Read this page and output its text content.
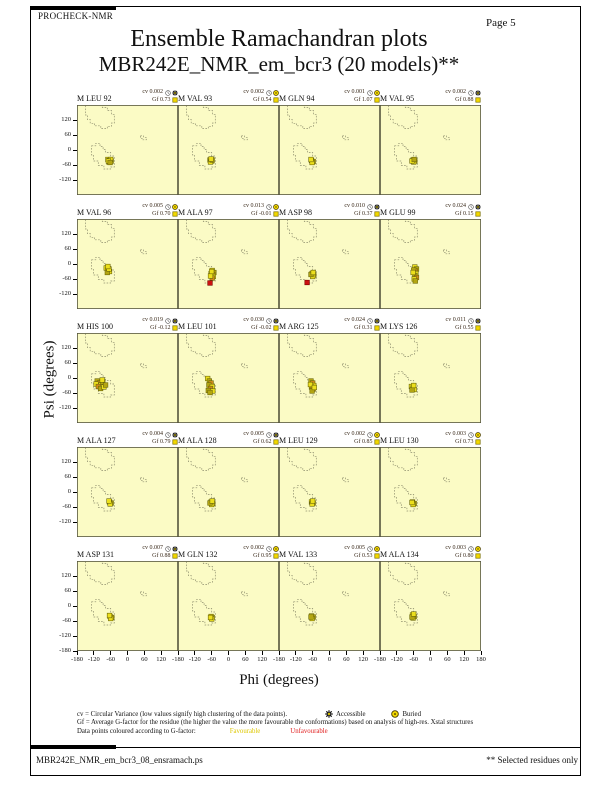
PROCHECK-NMR
Page 5
Ensemble Ramachandran plots
MBR242E_NMR_em_bcr3 (20 models)**
M LEU 92
cv 0.002
Gf 0.73 M VAL 93
cv 0.002
Gf 0.54 M GLN 94
cv 0.001
Gf 1.07 M VAL 95
cv 0.002
Gf 0.88
M VAL 96
cv 0.005
Gf 0.70 M ALA 97
cv 0.013
Gf -0.01 M ASP 98
cv 0.010
Gf 0.37 M GLU 99
cv 0.024
Gf 0.15
M HIS 100
cv 0.019
Gf -0.12 M LEU 101
cv 0.030
Gf -0.02 M ARG 125
cv 0.024
Gf 0.31 M LYS 126
cv 0.011
Gf 0.55
M ALA 127
cv 0.004
Gf 0.79 M ALA 128
cv 0.005
Gf 0.62 M LEU 129
cv 0.002
Gf 0.85 M LEU 130
cv 0.003
Gf 0.73
M ASP 131
cv 0.007
Gf 0.88 M GLN 132
cv 0.002
Gf 0.95 M VAL 133
cv 0.005
Gf 0.53 M ALA 134
cv 0.003
Gf 0.80
120
60
0
-60
-120
120
60
0
-60
-120
120
60
0
-60
-120
120
60
0
-60
-120
120
60
0
-60
-120
-180
-180 -120	-60	0	60	120 -180 -120	-60	0	60	120 -180 -120	-60	0	60	120 -180 -120	-60	0	60	120	180
Psi (degrees)
Phi (degrees)
cv = Circular Variance (low values signify high clustering of the data points).	Accessible	Buried
Gf = Average G-factor for the residue (the higher the value the more favourable the conformations) based on analysis of high-res. Xstal structures
Data points coloured according to G-factor:	Favourable	Unfavourable
MBR242E_NMR_em_bcr3_08_ensramach.ps	** Selected residues only
